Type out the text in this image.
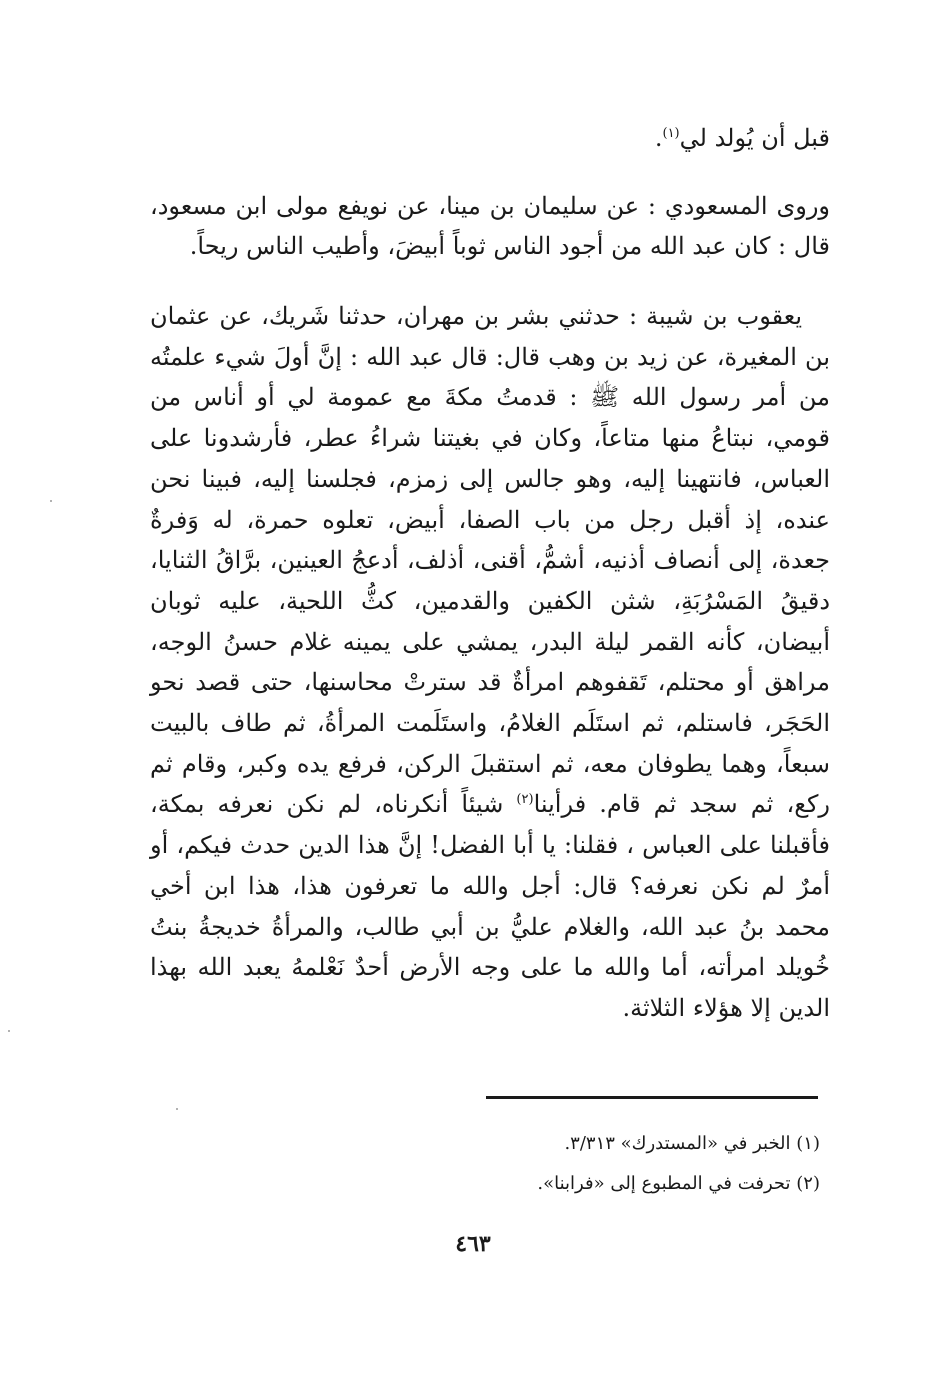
قبل أن يُولد لي$^{(١)}$.
وروى المسعودي : عن سليمان بن مينا، عن نويفع مولى ابن مسعود، قال : كان عبد الله من أجود الناس ثوباً أبيضَ، وأطيب الناس ريحاً.
يعقوب بن شيبة : حدثني بشر بن مهران، حدثنا شَريك، عن عثمان بن المغيرة، عن زيد بن وهب قال: قال عبد الله : إنَّ أولَ شيء علمتُه من أمر رسول الله ﷺ : قدمتُ مكةَ مع عمومة لي أو أناس من قومي، نبتاعُ منها متاعاً، وكان في بغيتنا شراءُ عطر، فأرشدونا على العباس، فانتهينا إليه، وهو جالس إلى زمزم، فجلسنا إليه، فبينا نحن عنده، إذ أقبل رجل من باب الصفا، أبيض، تعلوه حمرة، له وَفرةٌ جعدة، إلى أنصاف أذنيه، أشمُّ، أقنى، أذلف، أدعجُ العينين، برَّاقُ الثنايا، دقيقُ المَسْرُبَةِ، شثن الكفين والقدمين، كثُّ اللحية، عليه ثوبان أبيضان، كأنه القمر ليلة البدر، يمشي على يمينه غلام حسنُ الوجه، مراهق أو محتلم، تَقفوهم امرأةٌ قد سترتْ محاسنها، حتى قصد نحو الحَجَر، فاستلم، ثم استَلَم الغلامُ، واستَلَمت المرأةُ، ثم طاف بالبيت سبعاً، وهما يطوفان معه، ثم استقبلَ الركن، فرفع يده وكبر، وقام ثم ركع، ثم سجد ثم قام. فرأينا$^{(٢)}$ شيئاً أنكرناه، لم نكن نعرفه بمكة، فأقبلنا على العباس ، فقلنا: يا أبا الفضل! إنَّ هذا الدين حدث فيكم، أو أمرٌ لم نكن نعرفه؟ قال: أجل والله ما تعرفون هذا، هذا ابن أخي محمد بنُ عبد الله، والغلام عليُّ بن أبي طالب، والمرأةُ خديجةُ بنتُ خُويلد امرأته، أما والله ما على وجه الأرض أحدٌ نَعْلمهُ يعبد الله بهذا الدين إلا هؤلاء الثلاثة.
(١) الخبر في «المستدرك» ٣/٣١٣.
(٢) تحرفت في المطبوع إلى «فرابنا».
٤٦٣
